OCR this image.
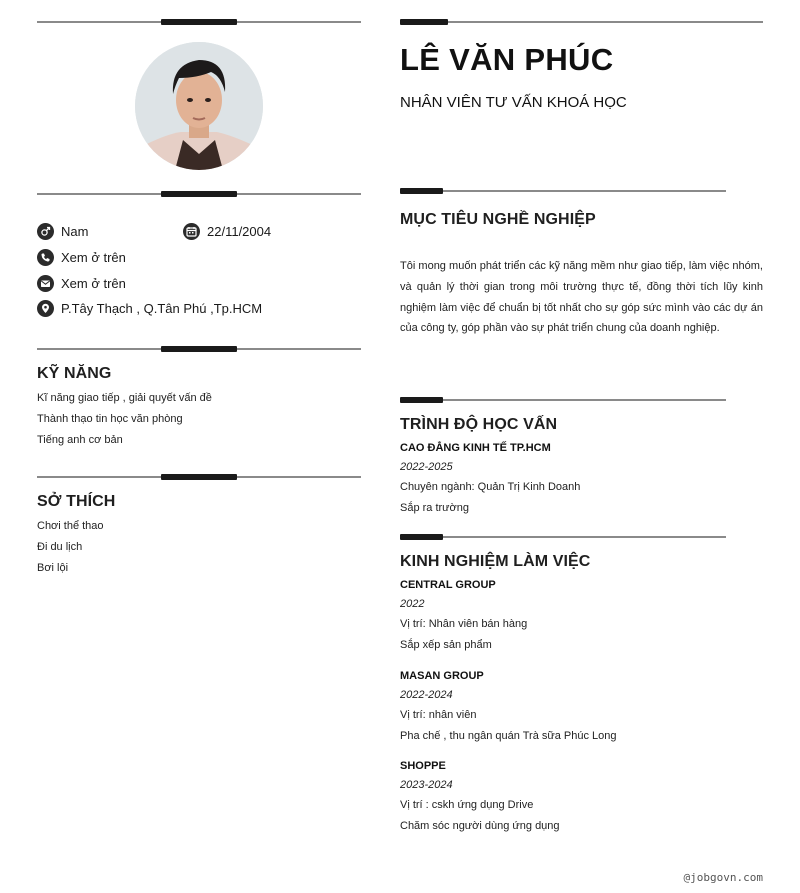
Nam	22/11/2004
Xem ở trên
Xem ở trên
P.Tây Thạch , Q.Tân Phú ,Tp.HCM
KỸ NĂNG
Kĩ năng giao tiếp , giải quyết vấn đề
Thành thạo tin học văn phòng
Tiếng anh cơ bản
SỞ THÍCH
Chơi thể thao
Đi du lịch
Bơi lội
LÊ VĂN PHÚC
NHÂN VIÊN TƯ VẤN KHOÁ HỌC
MỤC TIÊU NGHỀ NGHIỆP
Tôi mong muốn phát triển các kỹ năng mềm như giao tiếp, làm việc nhóm, và quản lý thời gian trong môi trường thực tế, đồng thời tích lũy kinh nghiệm làm việc để chuẩn bị tốt nhất cho sự góp sức mình vào các dự án của công ty, góp phần vào sự phát triển chung của doanh nghiệp.
TRÌNH ĐỘ HỌC VẤN
CAO ĐẲNG KINH TẾ TP.HCM
2022-2025
Chuyên ngành: Quản Trị Kinh Doanh
Sắp ra trường
KINH NGHIỆM LÀM VIỆC
CENTRAL GROUP
2022
Vị trí: Nhân viên bán hàng
Sắp xếp sản phẩm
MASAN GROUP
2022-2024
Vị trí: nhân viên
Pha chế , thu ngân quán Trà sữa Phúc Long
SHOPPE
2023-2024
Vị trí : cskh ứng dụng Drive
Chăm sóc người dùng ứng dụng
@jobgovn.com
